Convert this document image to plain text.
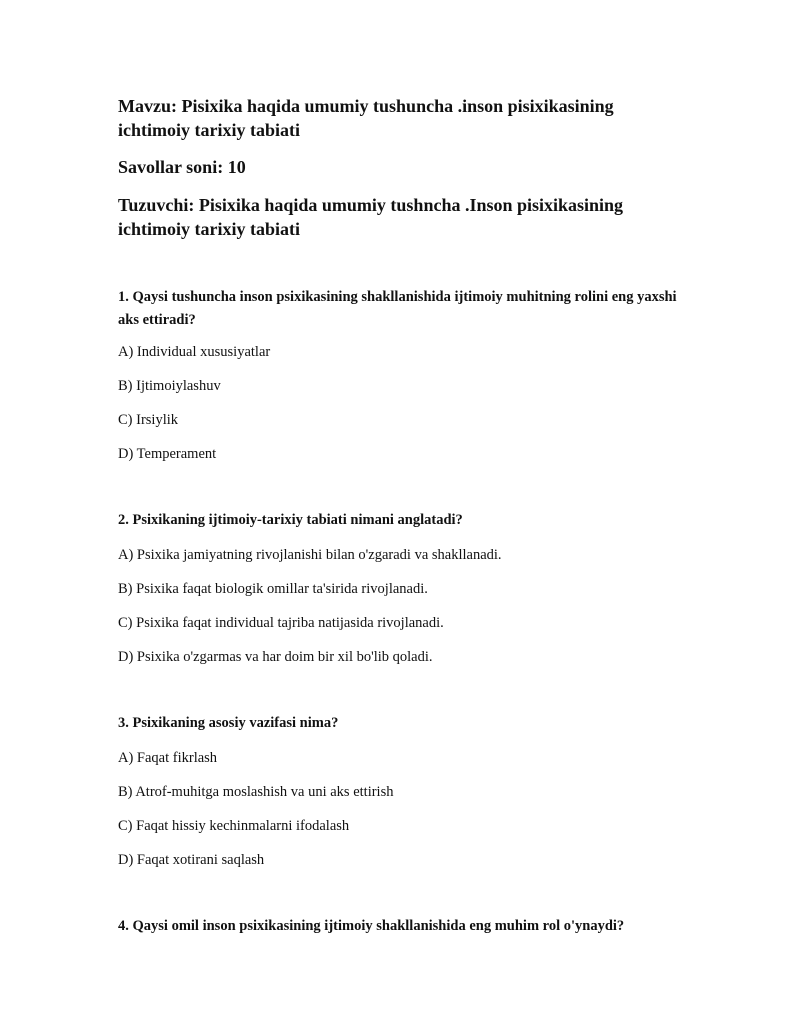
Mavzu: Pisixika haqida umumiy tushuncha .inson pisixikasining ichtimoiy tarixiy tabiati
Savollar soni: 10
Tuzuvchi: Pisixika haqida umumiy tushncha .Inson pisixikasining ichtimoiy tarixiy tabiati
1. Qaysi tushuncha inson psixikasining shakllanishida ijtimoiy muhitning rolini eng yaxshi aks ettiradi?
A) Individual xususiyatlar
B) Ijtimoiylashuv
C) Irsiylik
D) Temperament
2. Psixikaning ijtimoiy-tarixiy tabiati nimani anglatadi?
A) Psixika jamiyatning rivojlanishi bilan o'zgaradi va shakllanadi.
B) Psixika faqat biologik omillar ta'sirida rivojlanadi.
C) Psixika faqat individual tajriba natijasida rivojlanadi.
D) Psixika o'zgarmas va har doim bir xil bo'lib qoladi.
3. Psixikaning asosiy vazifasi nima?
A) Faqat fikrlash
B) Atrof-muhitga moslashish va uni aks ettirish
C) Faqat hissiy kechinmalarni ifodalash
D) Faqat xotirani saqlash
4. Qaysi omil inson psixikasining ijtimoiy shakllanishida eng muhim rol o'ynaydi?
